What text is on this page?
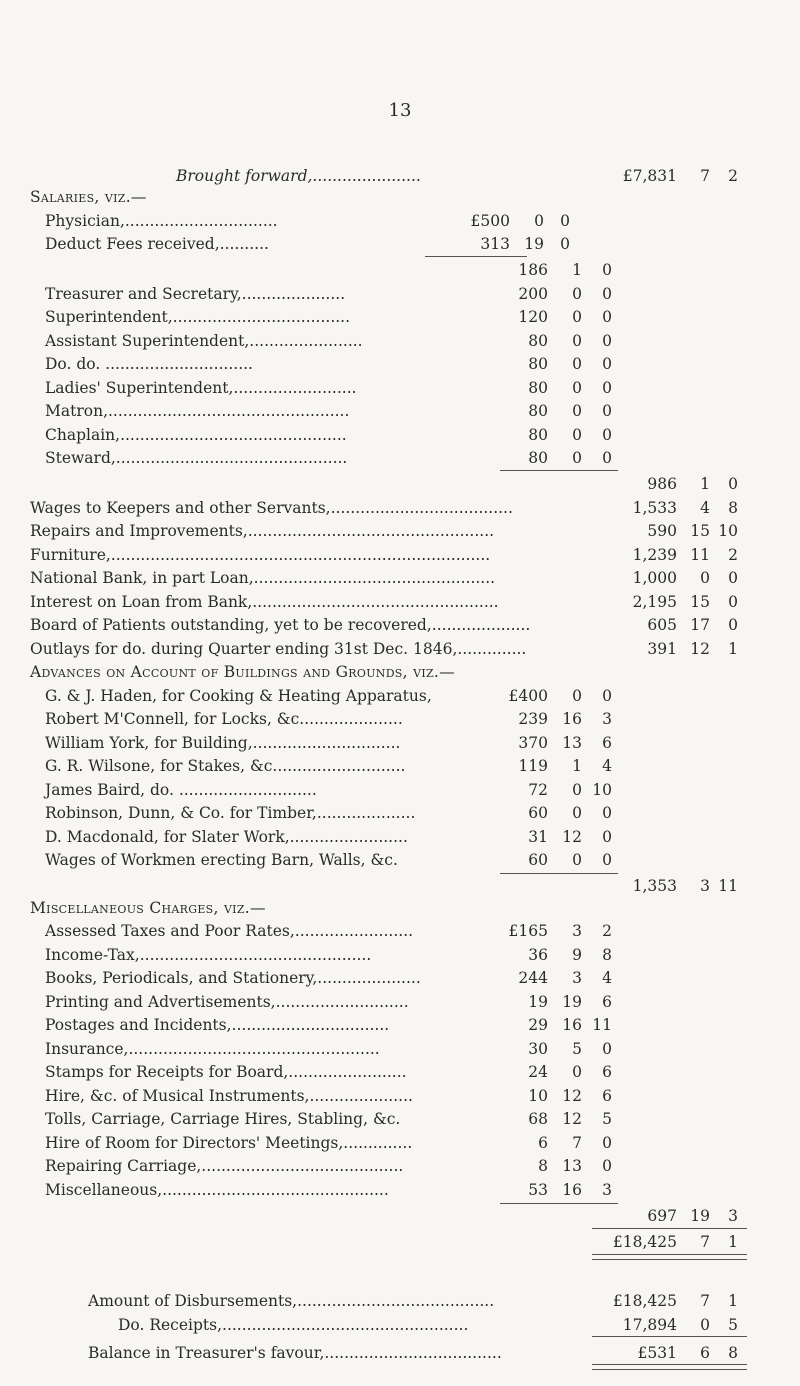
13
Brought forward,......................	£7,831	7	2
Salaries, viz.—
Physician,...............................	£500	0	0
Deduct Fees received,..........	313 19	0
186	1	0
Treasurer and Secretary,.....................	200	0	0
Superintendent,....................................	120	0	0
Assistant Superintendent,.......................	80	0	0
Do. do. ..............................	80	0	0
Ladies' Superintendent,.........................	80	0	0
Matron,.................................................	80	0	0
Chaplain,..............................................	80	0	0
Steward,...............................................	80	0	0
986	1	0
Wages to Keepers and other Servants,.....................................	1,533	4	8
Repairs and Improvements,..................................................	590 15 10
Furniture,.............................................................................	1,239 11	2
National Bank, in part Loan,.................................................	1,000	0	0
Interest on Loan from Bank,..................................................	2,195 15	0
Board of Patients outstanding, yet to be recovered,....................	605 17	0
Outlays for do. during Quarter ending 31st Dec. 1846,..............	391 12	1
Advances on Account of Buildings and Grounds, viz.—
G. & J. Haden, for Cooking & Heating Apparatus,	£400	0	0
Robert M'Connell, for Locks, &c.....................	239 16	3
William York, for Building,..............................	370 13	6
G. R. Wilsone, for Stakes, &c...........................	119	1	4
James Baird, do. ............................	72	0 10
Robinson, Dunn, & Co. for Timber,....................	60	0	0
D. Macdonald, for Slater Work,........................	31 12	0
Wages of Workmen erecting Barn, Walls, &c.	60	0	0
1,353	3 11
Miscellaneous Charges, viz.—
Assessed Taxes and Poor Rates,........................	£165	3	2
Income-Tax,...............................................	36	9	8
Books, Periodicals, and Stationery,.....................	244	3	4
Printing and Advertisements,...........................	19 19	6
Postages and Incidents,................................	29 16 11
Insurance,...................................................	30	5	0
Stamps for Receipts for Board,........................	24	0	6
Hire, &c. of Musical Instruments,.....................	10 12	6
Tolls, Carriage, Carriage Hires, Stabling, &c.	68 12	5
Hire of Room for Directors' Meetings,..............	6	7	0
Repairing Carriage,.........................................	8 13	0
Miscellaneous,..............................................	53 16	3
697 19	3
£18,425	7	1
Amount of Disbursements,........................................	£18,425	7	1
Do. Receipts,..................................................	17,894	0	5
Balance in Treasurer's favour,....................................	£531	6	8
